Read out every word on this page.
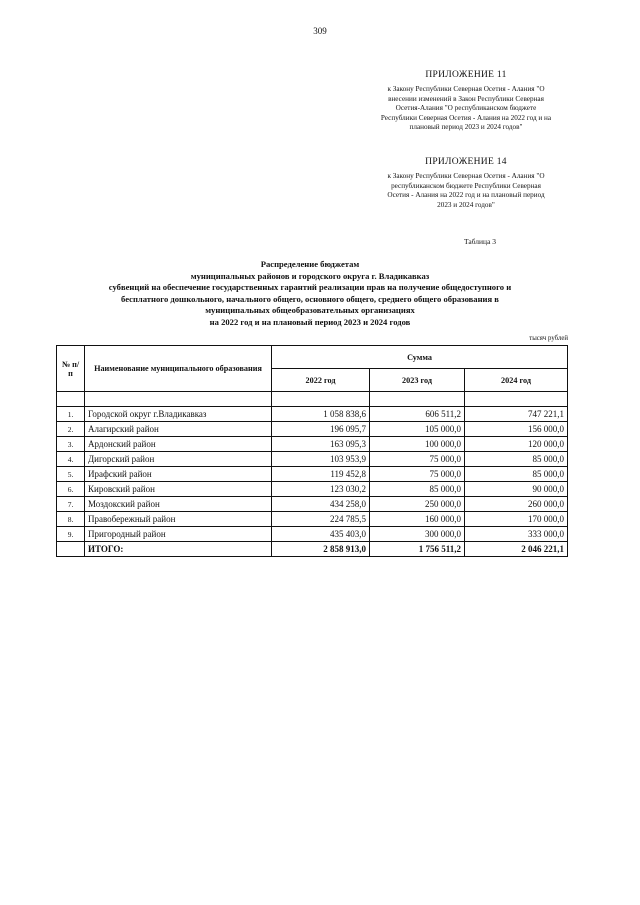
309
ПРИЛОЖЕНИЕ 11
к Закону Республики Северная Осетия - Алания "О
внесении изменений в Закон Республики Северная
Осетия-Алания "О республиканском бюджете
Республики Северная Осетия - Алания на 2022 год и на
плановый период 2023 и 2024 годов"
ПРИЛОЖЕНИЕ 14
к Закону Республики Северная Осетия - Алания "О
республиканском бюджете Республики Северная
Осетия - Алания на 2022 год и на плановый период
2023 и 2024 годов"
Таблица 3
Распределение бюджетам
муниципальных районов и городского округа г. Владикавказ
субвенций на обеспечение государственных гарантий реализации прав на получение общедоступного и
бесплатного дошкольного, начального общего, основного общего, среднего общего образования в
муниципальных общеобразовательных организациях
на 2022 год и на плановый период 2023 и 2024 годов
тысяч рублей
№ п/п	Наименование муниципального образования	Сумма		
		2022 год	2023 год	2024 год

1.	Городской округ г.Владикавказ	1 058 838,6	606 511,2	747 221,1
2.	Алагирский район	196 095,7	105 000,0	156 000,0
3.	Ардонский район	163 095,3	100 000,0	120 000,0
4.	Дигорский район	103 953,9	75 000,0	85 000,0
5.	Ирафский район	119 452,8	75 000,0	85 000,0
6.	Кировский район	123 030,2	85 000,0	90 000,0
7.	Моздокский район	434 258,0	250 000,0	260 000,0
8.	Правобережный район	224 785,5	160 000,0	170 000,0
9.	Пригородный район	435 403,0	300 000,0	333 000,0
	ИТОГО:	2 858 913,0	1 756 511,2	2 046 221,1
